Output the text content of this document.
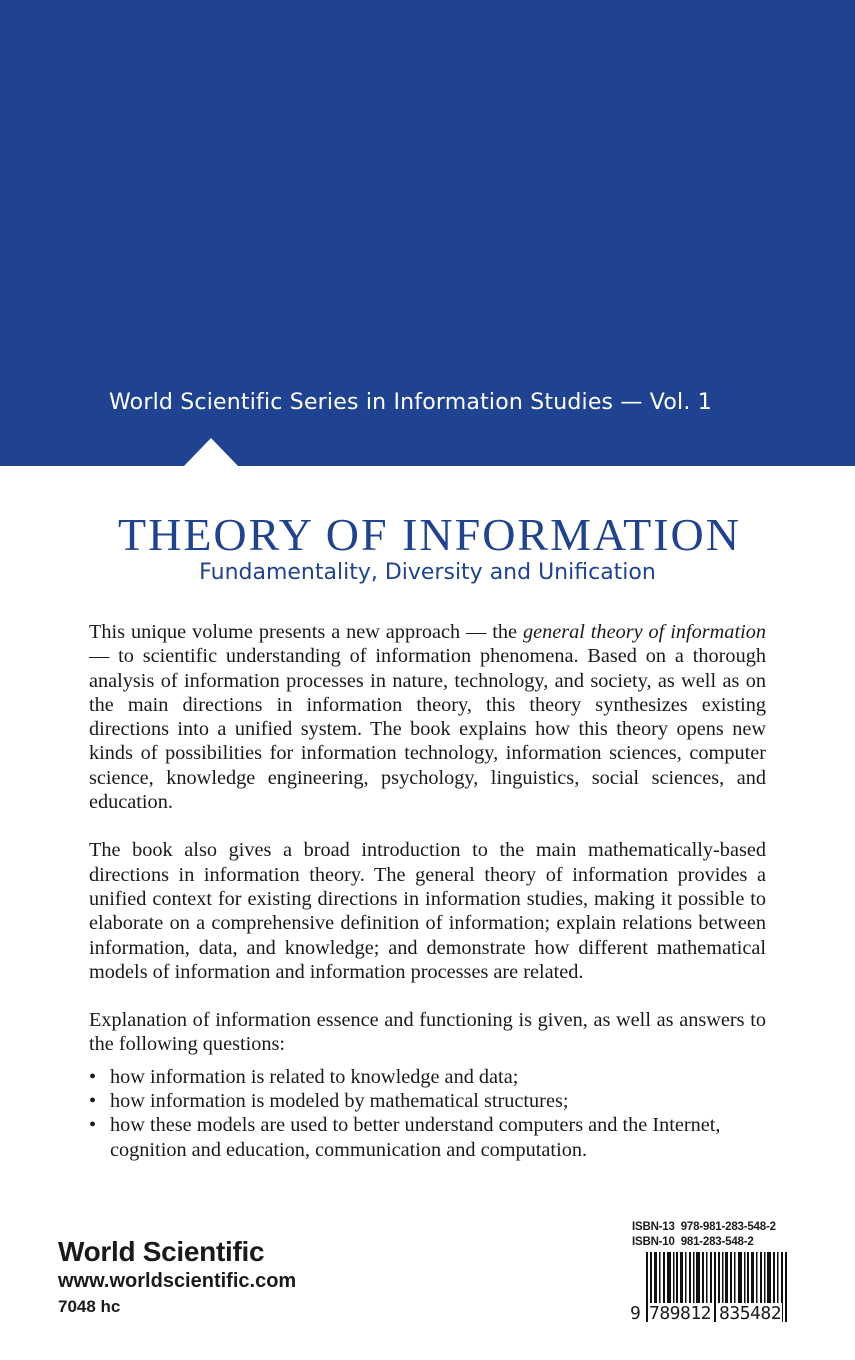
World Scientific Series in Information Studies — Vol. 1
THEORY OF INFORMATION
Fundamentality, Diversity and Unification

This unique volume presents a new approach — the general theory of information — to scientific understanding of information phenomena. Based on a thorough analysis of information processes in nature, technology, and society, as well as on the main directions in information theory, this theory synthesizes existing directions into a unified system. The book explains how this theory opens new kinds of possibilities for information technology, information sciences, computer science, knowledge engineering, psychology, linguistics, social sciences, and education.

The book also gives a broad introduction to the main mathematically-based directions in information theory. The general theory of information provides a unified context for existing directions in information studies, making it possible to elaborate on a comprehensive definition of information; explain relations between information, data, and knowledge; and demonstrate how different mathematical models of information and information processes are related.

Explanation of information essence and functioning is given, as well as answers to the following questions:

• how information is related to knowledge and data;
• how information is modeled by mathematical structures;
• how these models are used to better understand computers and the Internet, cognition and education, communication and computation.
World Scientific
www.worldscientific.com
7048 hc
ISBN-13 978-981-283-548-2
ISBN-10 981-283-548-2
9 789812 835482
